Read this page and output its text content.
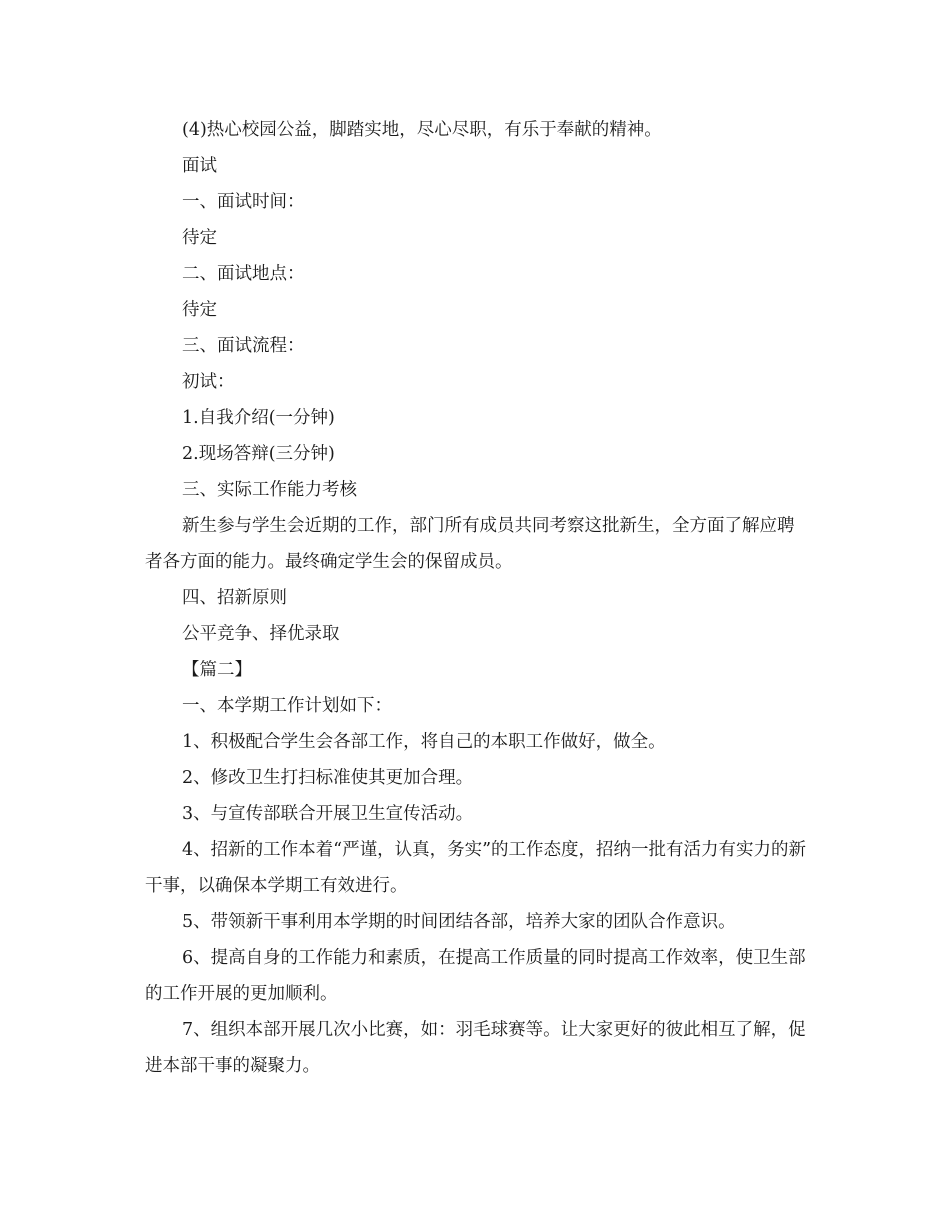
(4)热心校园公益，脚踏实地，尽心尽职，有乐于奉献的精神。

面试

一、面试时间：

待定

二、面试地点：

待定

三、面试流程：

初试：

1.自我介绍(一分钟)

2.现场答辩(三分钟)

三、实际工作能力考核

新生参与学生会近期的工作，部门所有成员共同考察这批新生，全方面了解应聘者各方面的能力。最终确定学生会的保留成员。

四、招新原则

公平竞争、择优录取

【篇二】

一、本学期工作计划如下：

1、积极配合学生会各部工作，将自己的本职工作做好，做全。

2、修改卫生打扫标准使其更加合理。

3、与宣传部联合开展卫生宣传活动。

4、招新的工作本着“严谨，认真，务实”的工作态度，招纳一批有活力有实力的新干事，以确保本学期工有效进行。

5、带领新干事利用本学期的时间团结各部，培养大家的团队合作意识。

6、提高自身的工作能力和素质，在提高工作质量的同时提高工作效率，使卫生部的工作开展的更加顺利。

7、组织本部开展几次小比赛，如：羽毛球赛等。让大家更好的彼此相互了解，促进本部干事的凝聚力。
